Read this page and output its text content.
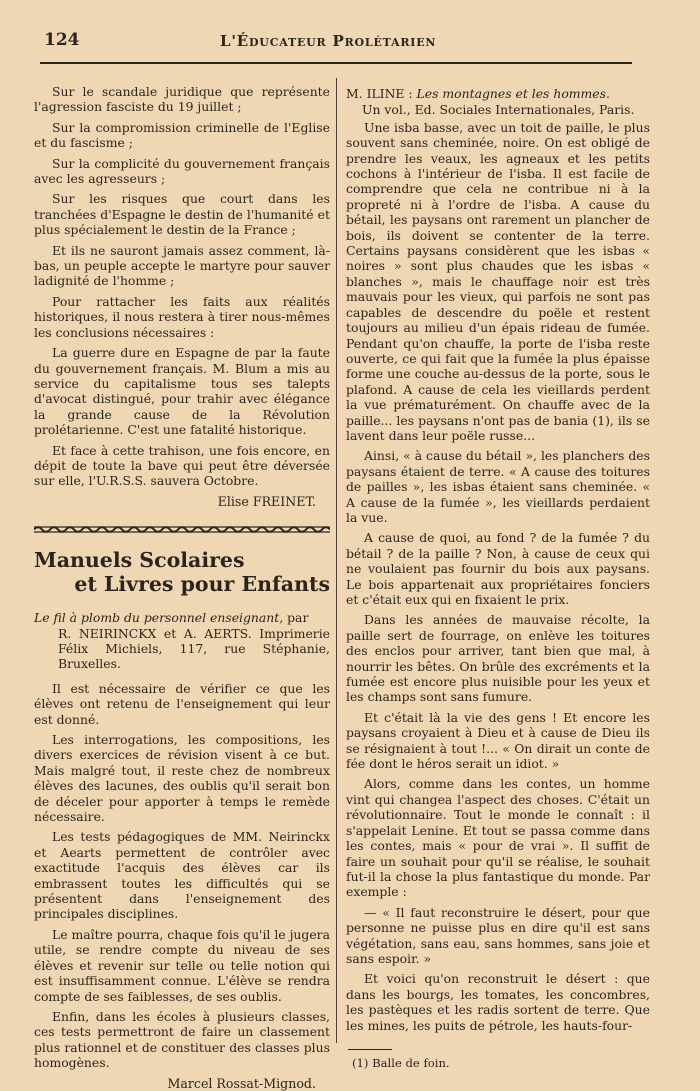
124	L'Éducateur Prolétarien

Sur le scandale juridique que représente l'agression fasciste du 19 juillet ;

Sur la compromission criminelle de l'Eglise et du fascisme ;

Sur la complicité du gouvernement français avec les agresseurs ;

Sur les risques que court dans les tranchées d'Espagne le destin de l'humanité et plus spécialement le destin de la France ;

Et ils ne sauront jamais assez comment, là-bas, un peuple accepte le martyre pour sauver ladignité de l'homme ;

Pour rattacher les faits aux réalités historiques, il nous restera à tirer nous-mêmes les conclusions nécessaires :

La guerre dure en Espagne de par la faute du gouvernement français. M. Blum a mis au service du capitalisme tous ses talepts d'avocat distingué, pour trahir avec élégance la grande cause de la Révolution prolétarienne. C'est une fatalité historique.

Et face à cette trahison, une fois encore, en dépit de toute la bave qui peut être déversée sur elle, l'U.R.S.S. sauvera Octobre.

Elise FREINET.
Manuels Scolaires
et Livres pour Enfants

Le fil à plomb du personnel enseignant, par
R. NEIRINCKX et A. AERTS. Imprimerie Félix Michiels, 117, rue Stéphanie, Bruxelles.

Il est nécessaire de vérifier ce que les élèves ont retenu de l'enseignement qui leur est donné.

Les interrogations, les compositions, les divers exercices de révision visent à ce but. Mais malgré tout, il reste chez de nombreux élèves des lacunes, des oublis qu'il serait bon de déceler pour apporter à temps le remède nécessaire.

Les tests pédagogiques de MM. Neirinckx et Aearts permettent de contrôler avec exactitude l'acquis des élèves car ils embrassent toutes les difficultés qui se présentent dans l'enseignement des principales disciplines.

Le maître pourra, chaque fois qu'il le jugera utile, se rendre compte du niveau de ses élèves et revenir sur telle ou telle notion qui est insuffisamment connue. L'élève se rendra compte de ses faiblesses, de ses oublis.

Enfin, dans les écoles à plusieurs classes, ces tests permettront de faire un classement plus rationnel et de constituer des classes plus homogènes.

Marcel Rossat-Mignod.

M. ILINE : Les montagnes et les hommes.

Un vol., Ed. Sociales Internationales, Paris.

Une isba basse, avec un toit de paille, le plus souvent sans cheminée, noire. On est obligé de prendre les veaux, les agneaux et les petits cochons à l'intérieur de l'isba. Il est facile de comprendre que cela ne contribue ni à la propreté ni à l'ordre de l'isba. A cause du bétail, les paysans ont rarement un plancher de bois, ils doivent se contenter de la terre. Certains paysans considèrent que les isbas « noires » sont plus chaudes que les isbas « blanches », mais le chauffage noir est très mauvais pour les vieux, qui parfois ne sont pas capables de descendre du poële et restent toujours au milieu d'un épais rideau de fumée. Pendant qu'on chauffe, la porte de l'isba reste ouverte, ce qui fait que la fumée la plus épaisse forme une couche au-dessus de la porte, sous le plafond. A cause de cela les vieillards perdent la vue prématurément. On chauffe avec de la paille... les paysans n'ont pas de bania (1), ils se lavent dans leur poële russe...

Ainsi, « à cause du bétail », les planchers des paysans étaient de terre. « A cause des toitures de pailles », les isbas étaient sans cheminée. « A cause de la fumée », les vieillards perdaient la vue.

A cause de quoi, au fond ? de la fumée ? du bétail ? de la paille ? Non, à cause de ceux qui ne voulaient pas fournir du bois aux paysans. Le bois appartenait aux propriétaires fonciers et c'était eux qui en fixaient le prix.

Dans les années de mauvaise récolte, la paille sert de fourrage, on enlève les toitures des enclos pour arriver, tant bien que mal, à nourrir les bêtes. On brûle des excréments et la fumée est encore plus nuisible pour les yeux et les champs sont sans fumure.

Et c'était là la vie des gens ! Et encore les paysans croyaient à Dieu et à cause de Dieu ils se résignaient à tout !... « On dirait un conte de fée dont le héros serait un idiot. »

Alors, comme dans les contes, un homme vint qui changea l'aspect des choses. C'était un révolutionnaire. Tout le monde le connaît : il s'appelait Lenine. Et tout se passa comme dans les contes, mais « pour de vrai ». Il suffit de faire un souhait pour qu'il se réalise, le souhait fut-il la chose la plus fantastique du monde. Par exemple :

— « Il faut reconstruire le désert, pour que personne ne puisse plus en dire qu'il est sans végétation, sans eau, sans hommes, sans joie et sans espoir. »

Et voici qu'on reconstruit le désert : que dans les bourgs, les tomates, les concombres, les pastèques et les radis sortent de terre. Que les mines, les puits de pétrole, les hauts-four-

(1) Balle de foin.
